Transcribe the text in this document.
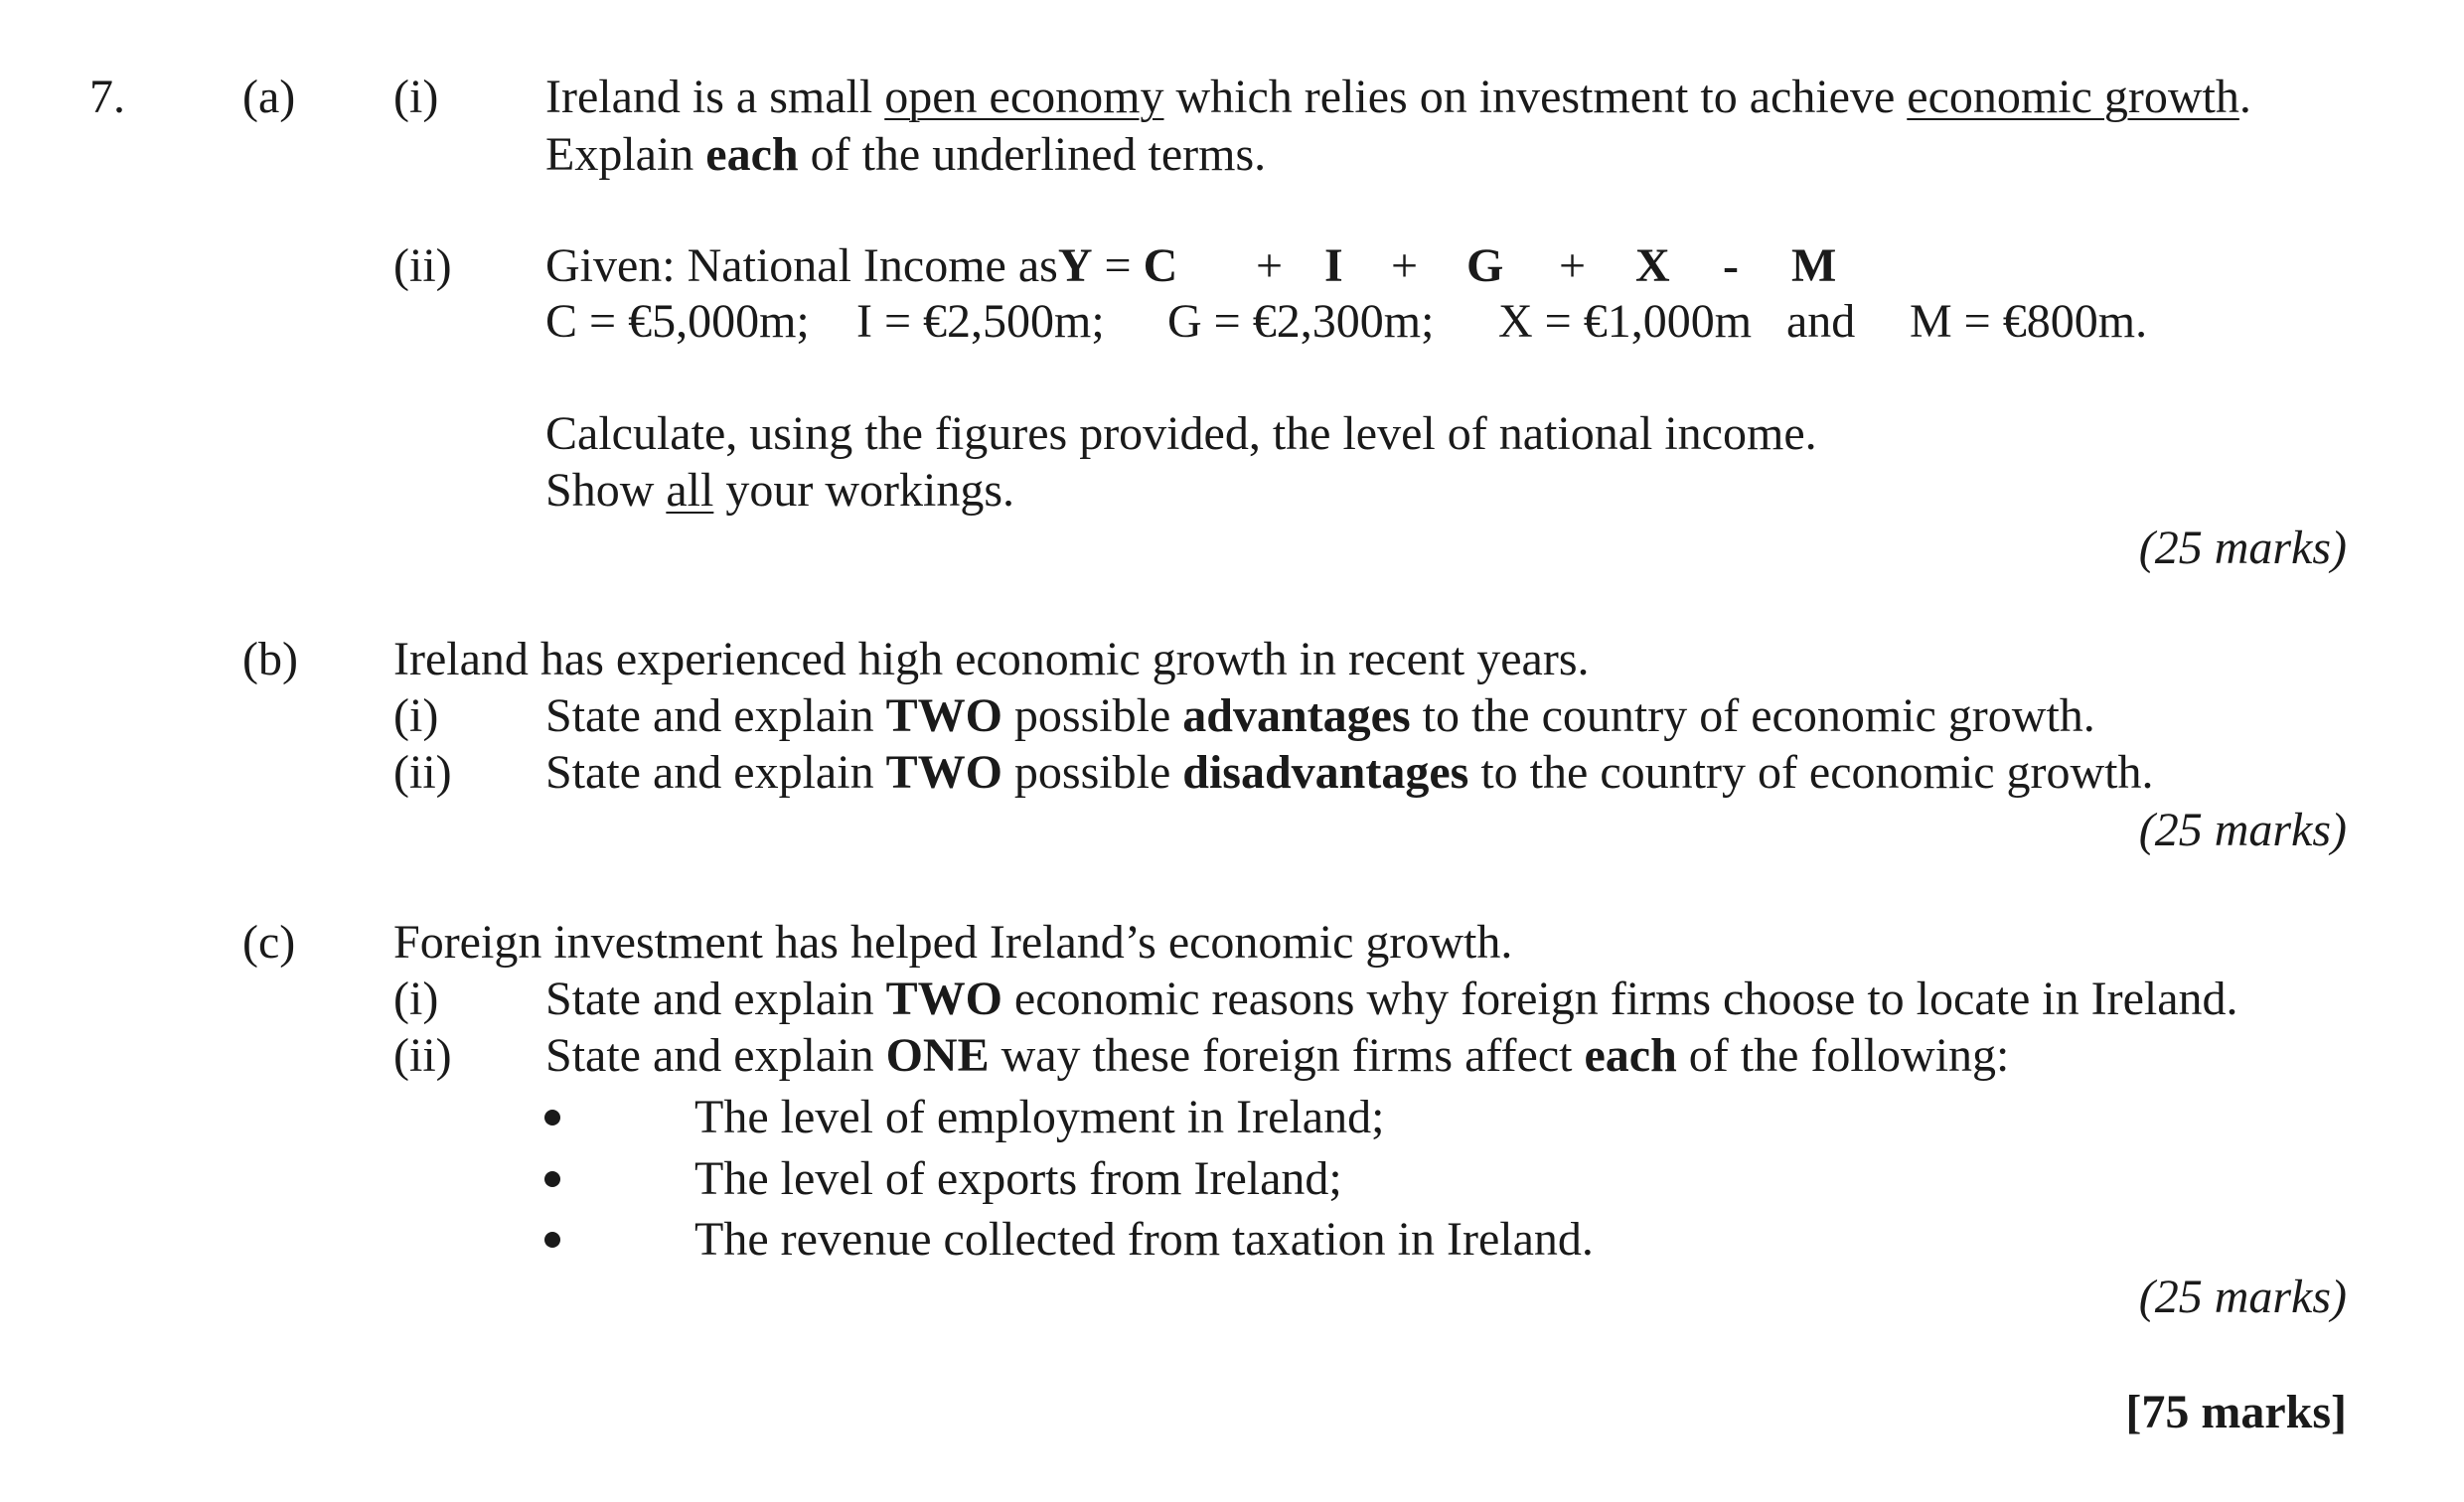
7. (a) (i) Ireland is a small open economy which relies on investment to achieve economic growth.
Explain each of the underlined terms.
(ii) Given: National Income asY = C + I + G + X - M
C = €5,000m; I = €2,500m; G = €2,300m; X = €1,000m and M = €800m.
Calculate, using the figures provided, the level of national income.
Show all your workings.
(25 marks)
(b) Ireland has experienced high economic growth in recent years.
(i) State and explain TWO possible advantages to the country of economic growth.
(ii) State and explain TWO possible disadvantages to the country of economic growth.
(25 marks)
(c) Foreign investment has helped Ireland’s economic growth.
(i) State and explain TWO economic reasons why foreign firms choose to locate in Ireland.
(ii) State and explain ONE way these foreign firms affect each of the following:
The level of employment in Ireland;
The level of exports from Ireland;
The revenue collected from taxation in Ireland.
(25 marks)
[75 marks]
